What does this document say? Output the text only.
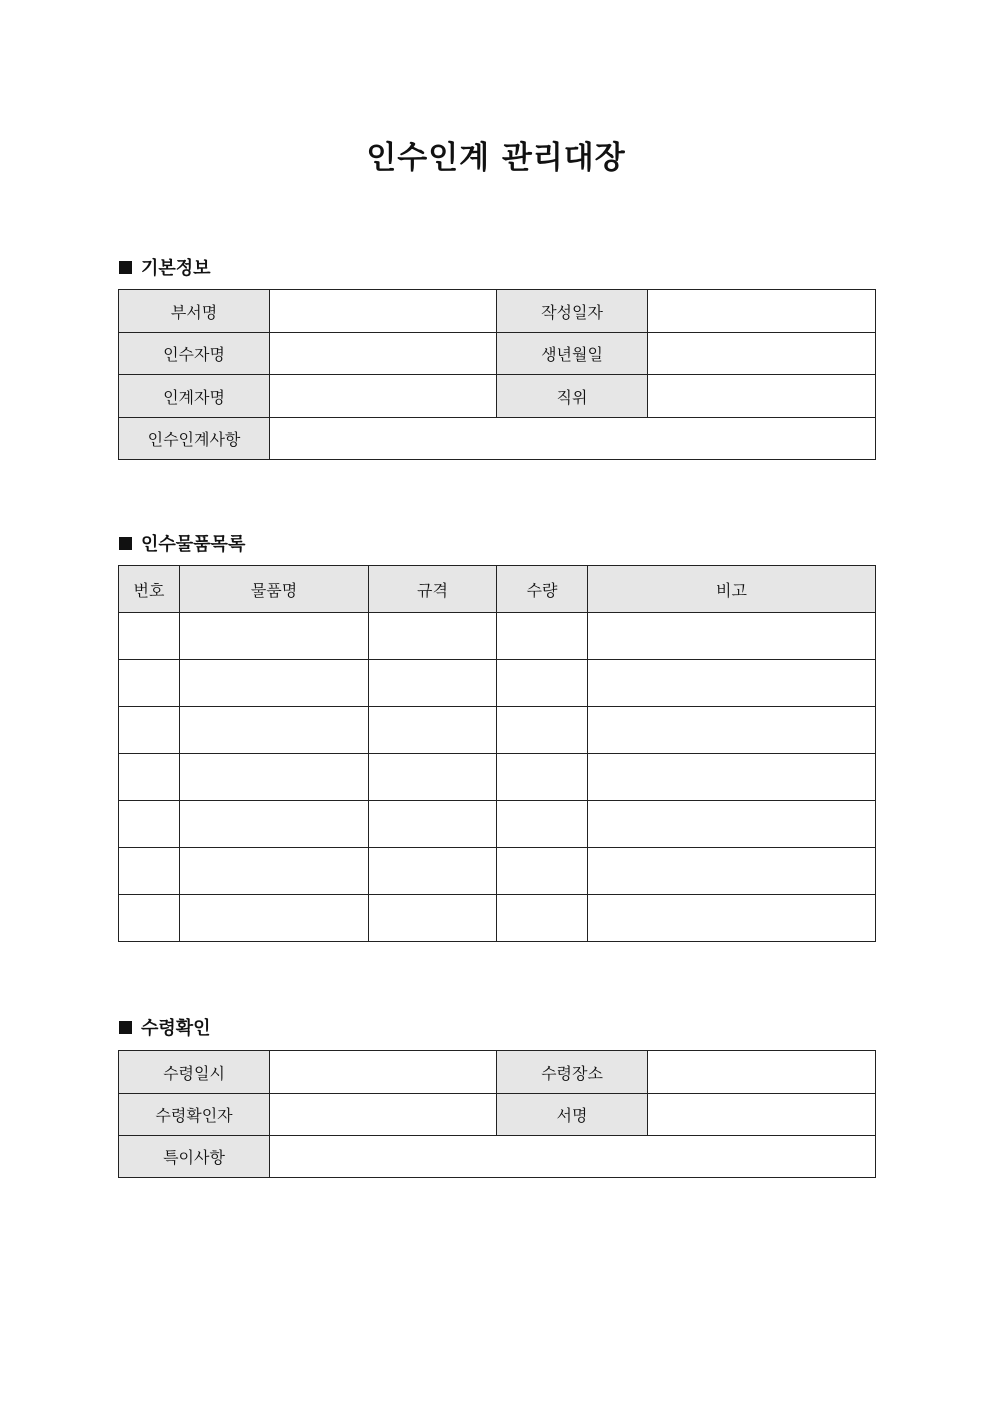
인수인계 관리대장
기본정보
부서명		작성일자	
인수자명		생년월일	
인계자명		직위	
인수인계사항			
인수물품목록
번호	물품명	규격	수량	비고

수령확인
수령일시		수령장소	
수령확인자		서명	
특이사항			
